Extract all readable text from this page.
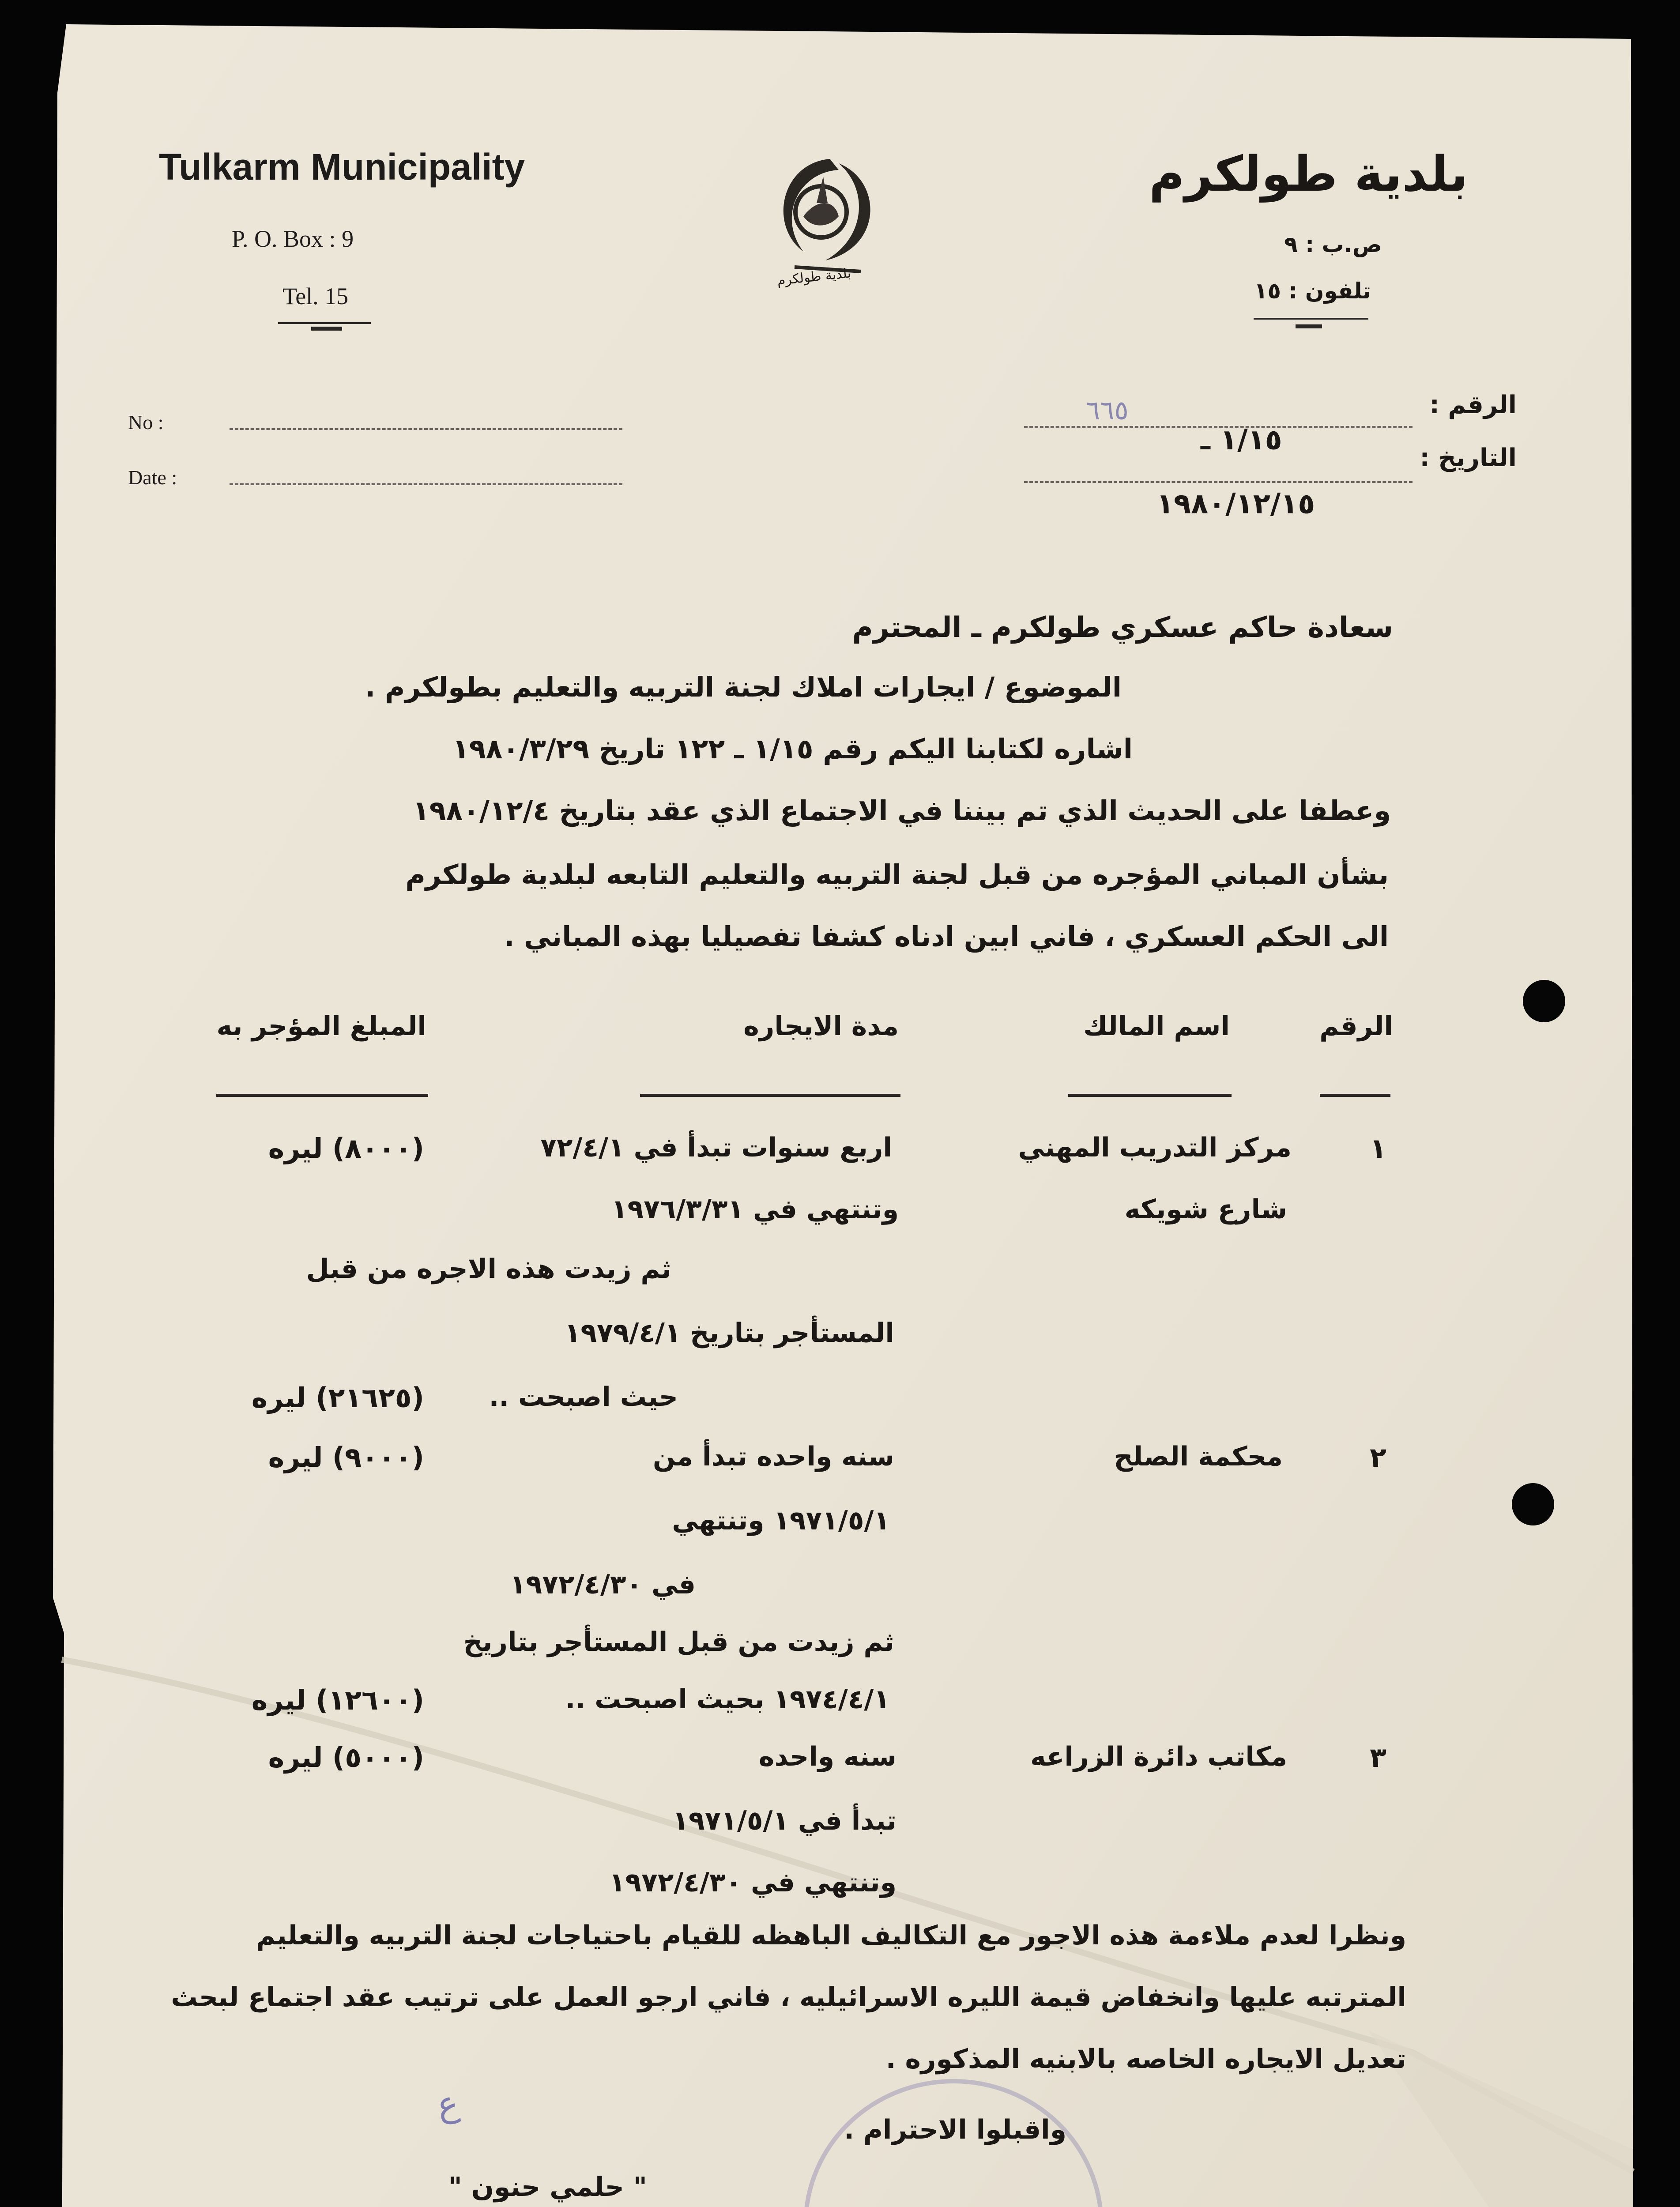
Tulkarm Municipality
P. O. Box : 9
Tel. 15
بلدية طولكرم
بلدية طولكرم
ص.ب : ٩
تلفون : ١٥
No :
Date :
الرقم :
التاريخ :
٦٦٥
١/١٥ ـ
١٩٨٠/١٢/١٥
سعادة حاكم عسكري طولكرم ـ المحترم
الموضوع / ايجارات املاك لجنة التربيه والتعليم بطولكرم .
اشاره لكتابنا اليكم رقم ١/١٥ ـ ١٢٢ تاريخ ١٩٨٠/٣/٢٩
وعطفا على الحديث الذي تم بيننا في الاجتماع الذي عقد بتاريخ ١٩٨٠/١٢/٤
بشأن المباني المؤجره من قبل لجنة التربيه والتعليم التابعه لبلدية طولكرم
الى الحكم العسكري ، فاني ابين ادناه كشفا تفصيليا بهذه المباني .
الرقم
اسم المالك
مدة الايجاره
المبلغ المؤجر به
١
مركز التدريب المهني
شارع شويكه
اربع سنوات تبدأ في ٧٢/٤/١
وتنتهي في ١٩٧٦/٣/٣١
ثم زيدت هذه الاجره من قبل
المستأجر بتاريخ ١٩٧٩/٤/١
حيث اصبحت ..
(٨٠٠٠) ليره
(٢١٦٢٥) ليره
٢
محكمة الصلح
سنه واحده تبدأ من
١٩٧١/٥/١ وتنتهي
في ١٩٧٢/٤/٣٠
ثم زيدت من قبل المستأجر بتاريخ
١٩٧٤/٤/١ بحيث اصبحت ..
(٩٠٠٠) ليره
(١٢٦٠٠) ليره
٣
مكاتب دائرة الزراعه
سنه واحده
تبدأ في ١٩٧١/٥/١
وتنتهي في ١٩٧٢/٤/٣٠
(٥٠٠٠) ليره
ونظرا لعدم ملاءمة هذه الاجور مع التكاليف الباهظه للقيام باحتياجات لجنة التربيه والتعليم
المترتبه عليها وانخفاض قيمة الليره الاسرائيليه ، فاني ارجو العمل على ترتيب عقد اجتماع لبحث
تعديل الايجاره الخاصه بالابنيه المذكوره .
واقبلوا الاحترام .
ع
" حلمي حنون "
